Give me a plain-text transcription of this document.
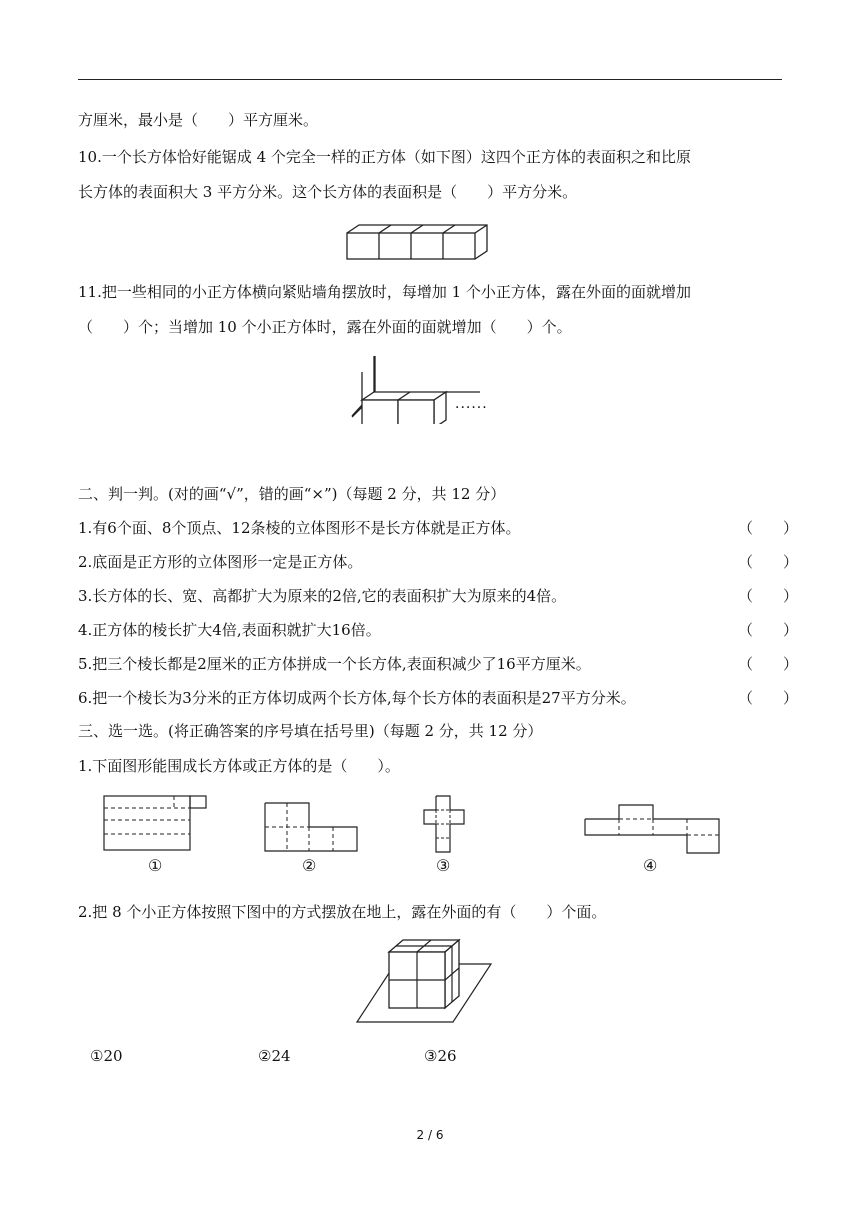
方厘米，最小是（　　）平方厘米。
10.一个长方体恰好能锯成 4 个完全一样的正方体（如下图）这四个正方体的表面积之和比原
长方体的表面积大 3 平方分米。这个长方体的表面积是（　　）平方分米。
11.把一些相同的小正方体横向紧贴墙角摆放时，每增加 1 个小正方体，露在外面的面就增加
（　　）个；当增加 10 个小正方体时，露在外面的面就增加（　　）个。
······
二、判一判。(对的画“√”，错的画“×”)（每题 2 分，共 12 分）
1.有6个面、8个顶点、12条棱的立体图形不是长方体就是正方体。	（　　）
2.底面是正方形的立体图形一定是正方体。	（　　）
3.长方体的长、宽、高都扩大为原来的2倍,它的表面积扩大为原来的4倍。	（　　）
4.正方体的棱长扩大4倍,表面积就扩大16倍。	（　　）
5.把三个棱长都是2厘米的正方体拼成一个长方体,表面积减少了16平方厘米。	（　　）
6.把一个棱长为3分米的正方体切成两个长方体,每个长方体的表面积是27平方分米。	（　　）
三、选一选。(将正确答案的序号填在括号里)（每题 2 分，共 12 分）
1.下面图形能围成长方体或正方体的是（　　）。
①	②	③	④
2.把 8 个小正方体按照下图中的方式摆放在地上，露在外面的有（　　）个面。
①20	②24	③26
2 / 6
